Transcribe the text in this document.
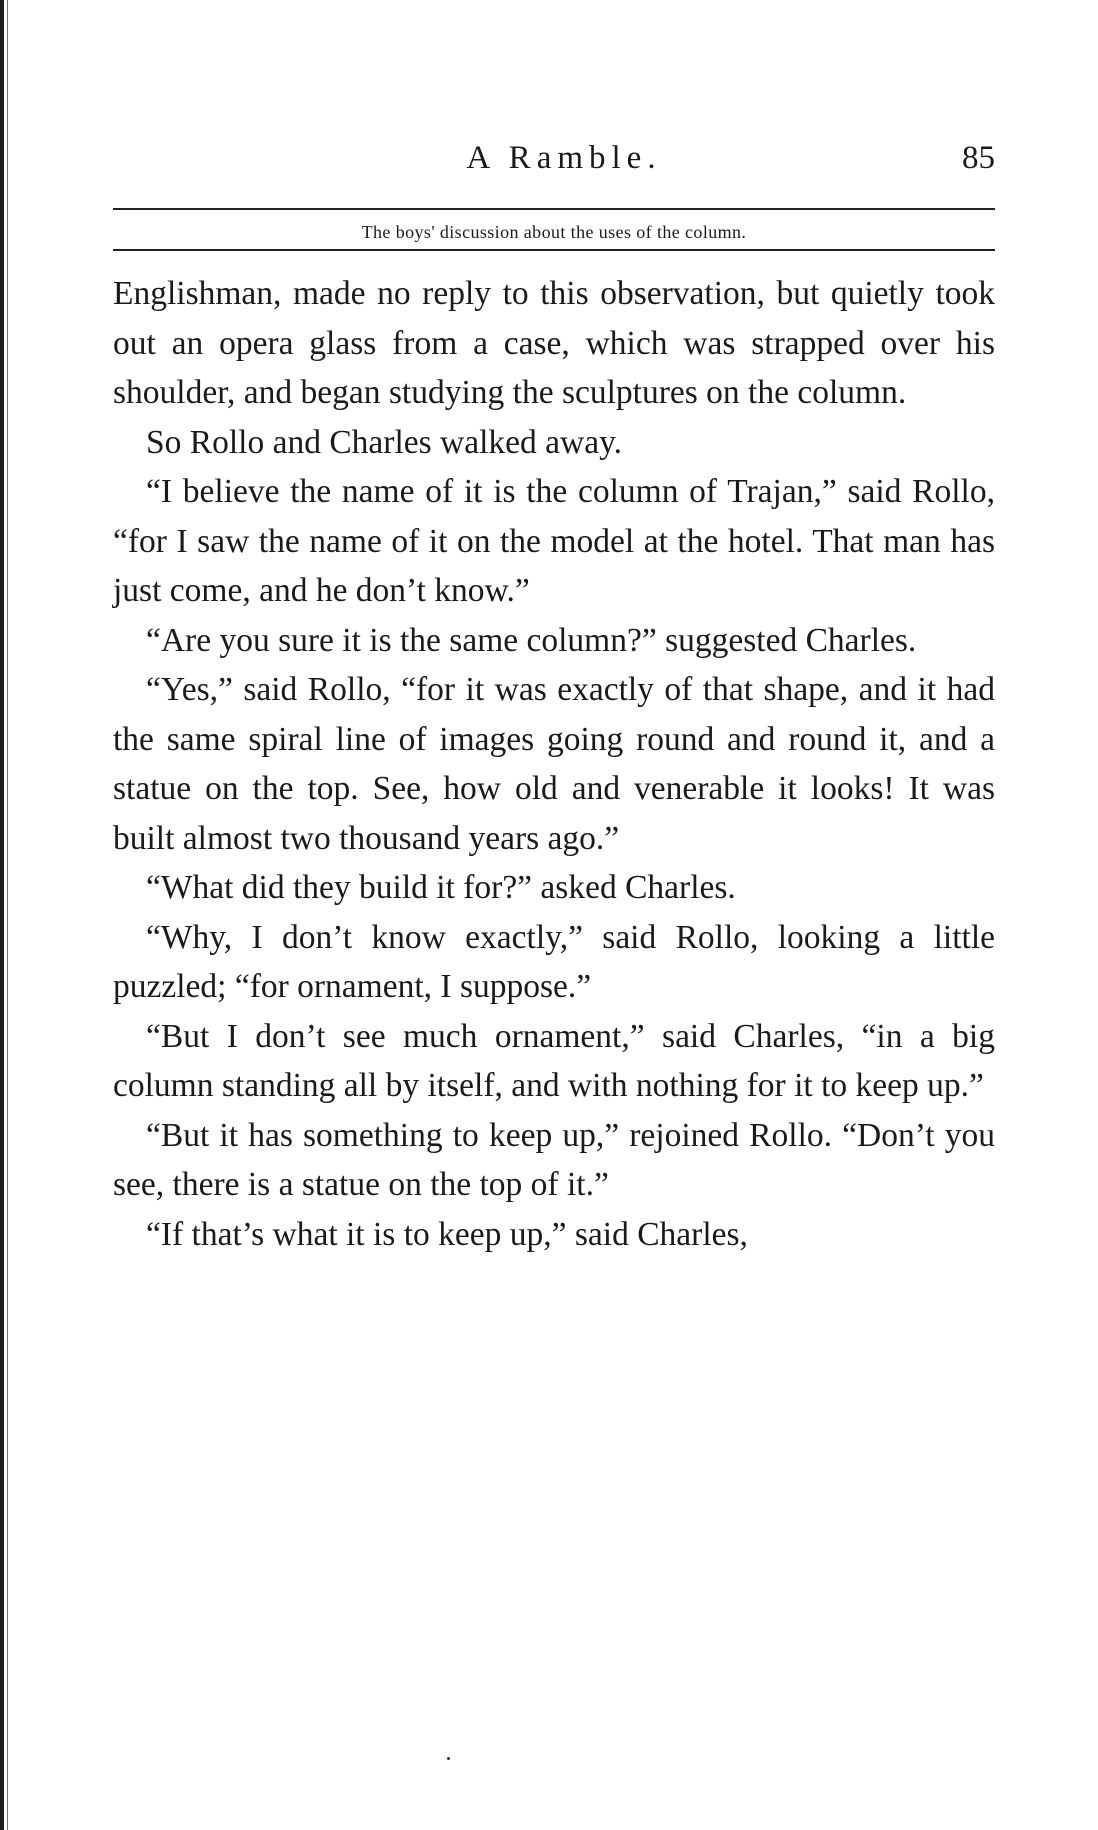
A Ramble.	85
The boys' discussion about the uses of the column.

Englishman, made no reply to this observation, but quietly took out an opera glass from a case, which was strapped over his shoulder, and began studying the sculptures on the column.

So Rollo and Charles walked away.

“I believe the name of it is the column of Trajan,” said Rollo, “for I saw the name of it on the model at the hotel. That man has just come, and he don’t know.”

“Are you sure it is the same column?” suggested Charles.

“Yes,” said Rollo, “for it was exactly of that shape, and it had the same spiral line of images going round and round it, and a statue on the top. See, how old and venerable it looks! It was built almost two thousand years ago.”

“What did they build it for?” asked Charles.

“Why, I don’t know exactly,” said Rollo, looking a little puzzled; “for ornament, I suppose.”

“But I don’t see much ornament,” said Charles, “in a big column standing all by itself, and with nothing for it to keep up.”

“But it has something to keep up,” rejoined Rollo. “Don’t you see, there is a statue on the top of it.”

“If that’s what it is to keep up,” said Charles,
